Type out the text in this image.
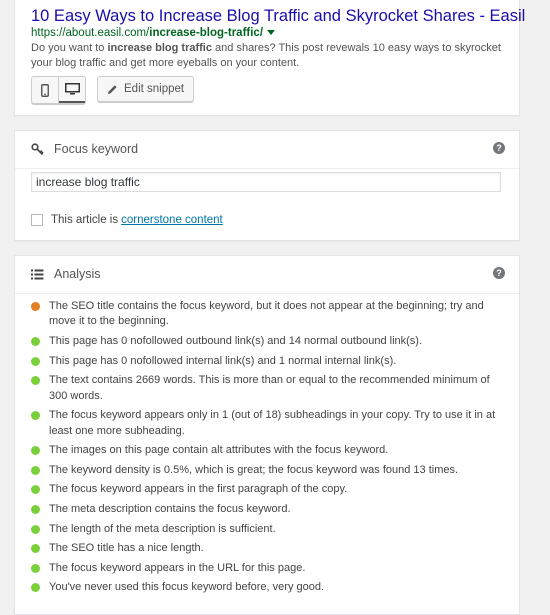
10 Easy Ways to Increase Blog Traffic and Skyrocket Shares - Easil
https://about.easil.com/increase-blog-traffic/
Do you want to increase blog traffic and shares? This post revewals 10 easy ways to skyrocket your blog traffic and get more eyeballs on your content.
Edit snippet
Focus keyword	?
increase blog traffic
This article is cornerstone content
Analysis	?
The SEO title contains the focus keyword, but it does not appear at the beginning; try and move it to the beginning.
This page has 0 nofollowed outbound link(s) and 14 normal outbound link(s).
This page has 0 nofollowed internal link(s) and 1 normal internal link(s).
The text contains 2669 words. This is more than or equal to the recommended minimum of 300 words.
The focus keyword appears only in 1 (out of 18) subheadings in your copy. Try to use it in at least one more subheading.
The images on this page contain alt attributes with the focus keyword.
The keyword density is 0.5%, which is great; the focus keyword was found 13 times.
The focus keyword appears in the first paragraph of the copy.
The meta description contains the focus keyword.
The length of the meta description is sufficient.
The SEO title has a nice length.
The focus keyword appears in the URL for this page.
You've never used this focus keyword before, very good.
